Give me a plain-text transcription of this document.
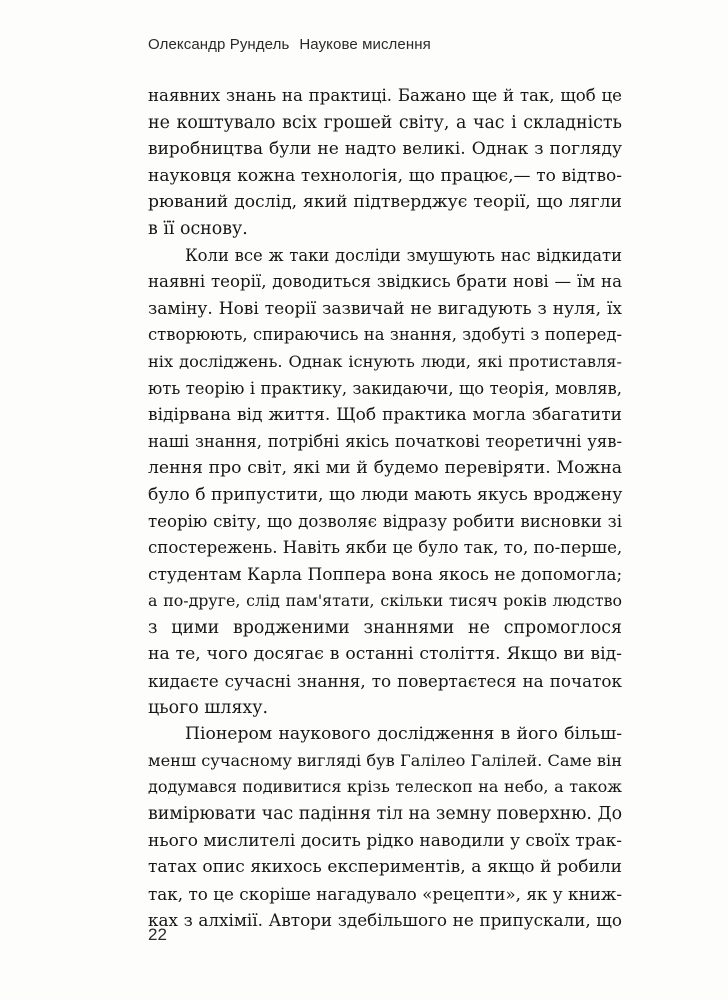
Олександр Рундель Наукове мислення
наявних знань на практиці. Бажано ще й так, щоб це
не коштувало всіх грошей світу, а час і складність
виробництва були не надто великі. Однак з погляду
науковця кожна технологія, що працює,— то відтво-
рюваний дослід, який підтверджує теорії, що лягли
в її основу.
Коли все ж таки досліди змушують нас відкидати
наявні теорії, доводиться звідкись брати нові — їм на
заміну. Нові теорії зазвичай не вигадують з нуля, їх
створюють, спираючись на знання, здобуті з поперед-
ніх досліджень. Однак існують люди, які протиставля-
ють теорію і практику, закидаючи, що теорія, мовляв,
відірвана від життя. Щоб практика могла збагатити
наші знання, потрібні якісь початкові теоретичні уяв-
лення про світ, які ми й будемо перевіряти. Можна
було б припустити, що люди мають якусь вроджену
теорію світу, що дозволяє відразу робити висновки зі
спостережень. Навіть якби це було так, то, по-перше,
студентам Карла Поппера вона якось не допомогла;
а по-друге, слід пам'ятати, скільки тисяч років людство
з цими вродженими знаннями не спромоглося
на те, чого досягає в останні століття. Якщо ви від-
кидаєте сучасні знання, то повертаєтеся на початок
цього шляху.
Піонером наукового дослідження в його більш-
менш сучасному вигляді був Галілео Галілей. Саме він
додумався подивитися крізь телескоп на небо, а також
вимірювати час падіння тіл на земну поверхню. До
нього мислителі досить рідко наводили у своїх трак-
татах опис якихось експериментів, а якщо й робили
так, то це скоріше нагадувало «рецепти», як у книж-
ках з алхімії. Автори здебільшого не припускали, що
22
